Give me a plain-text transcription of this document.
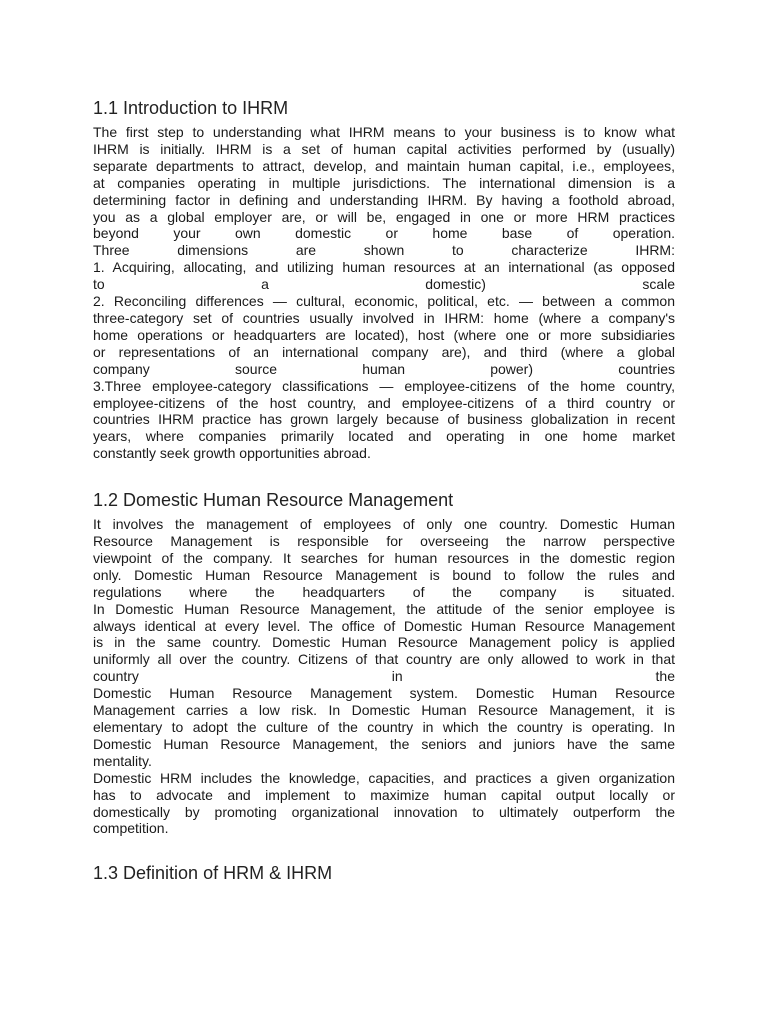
1.1 Introduction to IHRM
The first step to understanding what IHRM means to your business is to know what
IHRM is initially. IHRM is a set of human capital activities performed by (usually)
separate departments to attract, develop, and maintain human capital, i.e., employees,
at companies operating in multiple jurisdictions. The international dimension is a
determining factor in defining and understanding IHRM. By having a foothold abroad,
you as a global employer are, or will be, engaged in one or more HRM practices
beyond your own domestic or home base of operation.
Three dimensions are shown to characterize IHRM:
1. Acquiring, allocating, and utilizing human resources at an international (as opposed
to a domestic) scale
2. Reconciling differences — cultural, economic, political, etc. — between a common
three-category set of countries usually involved in IHRM: home (where a company's
home operations or headquarters are located), host (where one or more subsidiaries
or representations of an international company are), and third (where a global
company source human power) countries
3.Three employee-category classifications — employee-citizens of the home country,
employee-citizens of the host country, and employee-citizens of a third country or
countries IHRM practice has grown largely because of business globalization in recent
years, where companies primarily located and operating in one home market
constantly seek growth opportunities abroad.
1.2 Domestic Human Resource Management
It involves the management of employees of only one country. Domestic Human
Resource Management is responsible for overseeing the narrow perspective
viewpoint of the company. It searches for human resources in the domestic region
only. Domestic Human Resource Management is bound to follow the rules and
regulations where the headquarters of the company is situated.
In Domestic Human Resource Management, the attitude of the senior employee is
always identical at every level. The office of Domestic Human Resource Management
is in the same country. Domestic Human Resource Management policy is applied
uniformly all over the country. Citizens of that country are only allowed to work in that
country in the
Domestic Human Resource Management system. Domestic Human Resource
Management carries a low risk. In Domestic Human Resource Management, it is
elementary to adopt the culture of the country in which the country is operating. In
Domestic Human Resource Management, the seniors and juniors have the same
mentality.
Domestic HRM includes the knowledge, capacities, and practices a given organization
has to advocate and implement to maximize human capital output locally or
domestically by promoting organizational innovation to ultimately outperform the
competition.
1.3 Definition of HRM & IHRM
